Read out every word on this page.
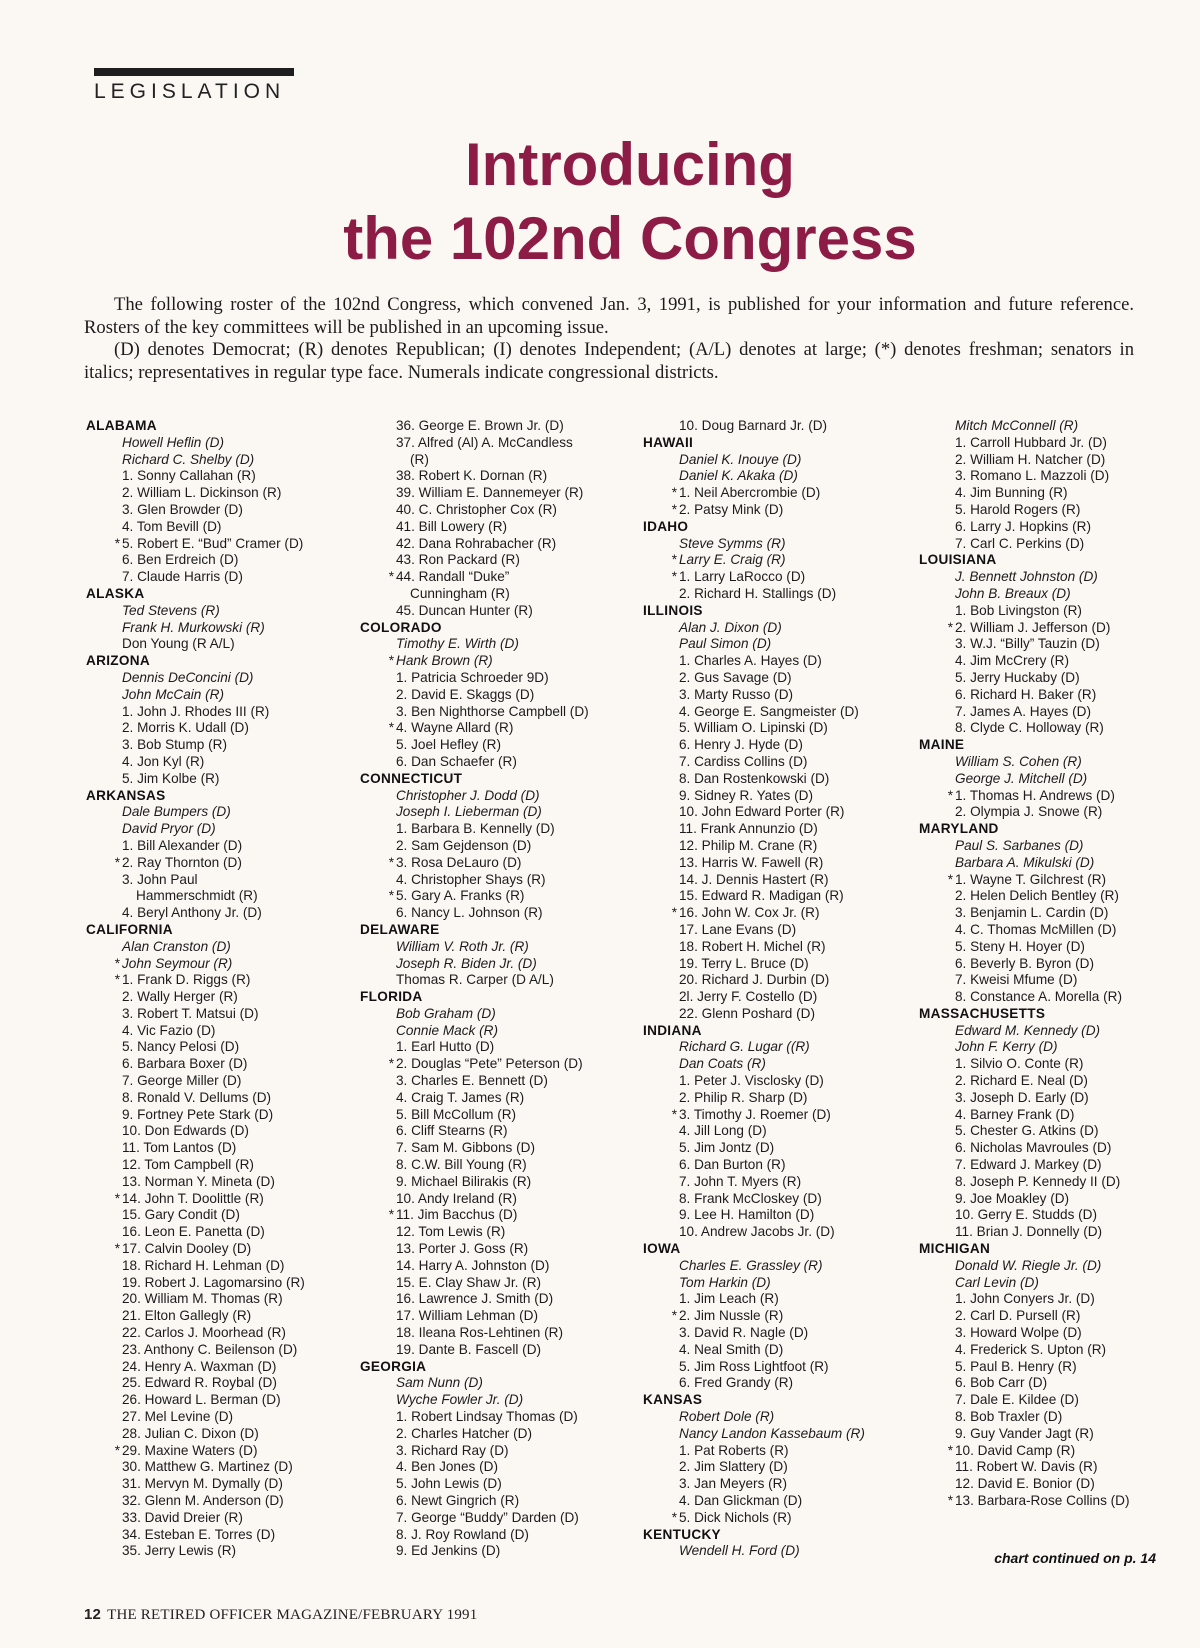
LEGISLATION
Introducing
the 102nd Congress

The following roster of the 102nd Congress, which convened Jan. 3, 1991, is published for your information and future reference. Rosters of the key committees will be published in an upcoming issue.

(D) denotes Democrat; (R) denotes Republican; (I) denotes Independent; (A/L) denotes at large; (*) denotes freshman; senators in italics; representatives in regular type face. Numerals indicate congressional districts.

ALABAMA
Howell Heflin (D)
Richard C. Shelby (D)
1. Sonny Callahan (R)
2. William L. Dickinson (R)
3. Glen Browder (D)
4. Tom Bevill (D)
* 5. Robert E. “Bud” Cramer (D)
6. Ben Erdreich (D)
7. Claude Harris (D)
ALASKA
Ted Stevens (R)
Frank H. Murkowski (R)
Don Young (R A/L)
ARIZONA
Dennis DeConcini (D)
John McCain (R)
1. John J. Rhodes III (R)
2. Morris K. Udall (D)
3. Bob Stump (R)
4. Jon Kyl (R)
5. Jim Kolbe (R)
ARKANSAS
Dale Bumpers (D)
David Pryor (D)
1. Bill Alexander (D)
* 2. Ray Thornton (D)
3. John Paul
Hammerschmidt (R)
4. Beryl Anthony Jr. (D)
CALIFORNIA
Alan Cranston (D)
* John Seymour (R)
* 1. Frank D. Riggs (R)
2. Wally Herger (R)
3. Robert T. Matsui (D)
4. Vic Fazio (D)
5. Nancy Pelosi (D)
6. Barbara Boxer (D)
7. George Miller (D)
8. Ronald V. Dellums (D)
9. Fortney Pete Stark (D)
10. Don Edwards (D)
11. Tom Lantos (D)
12. Tom Campbell (R)
13. Norman Y. Mineta (D)
* 14. John T. Doolittle (R)
15. Gary Condit (D)
16. Leon E. Panetta (D)
* 17. Calvin Dooley (D)
18. Richard H. Lehman (D)
19. Robert J. Lagomarsino (R)
20. William M. Thomas (R)
21. Elton Gallegly (R)
22. Carlos J. Moorhead (R)
23. Anthony C. Beilenson (D)
24. Henry A. Waxman (D)
25. Edward R. Roybal (D)
26. Howard L. Berman (D)
27. Mel Levine (D)
28. Julian C. Dixon (D)
* 29. Maxine Waters (D)
30. Matthew G. Martinez (D)
31. Mervyn M. Dymally (D)
32. Glenn M. Anderson (D)
33. David Dreier (R)
34. Esteban E. Torres (D)
35. Jerry Lewis (R)
36. George E. Brown Jr. (D)
37. Alfred (Al) A. McCandless
(R)
38. Robert K. Dornan (R)
39. William E. Dannemeyer (R)
40. C. Christopher Cox (R)
41. Bill Lowery (R)
42. Dana Rohrabacher (R)
43. Ron Packard (R)
* 44. Randall “Duke”
Cunningham (R)
45. Duncan Hunter (R)
COLORADO
Timothy E. Wirth (D)
* Hank Brown (R)
1. Patricia Schroeder 9D)
2. David E. Skaggs (D)
3. Ben Nighthorse Campbell (D)
* 4. Wayne Allard (R)
5. Joel Hefley (R)
6. Dan Schaefer (R)
CONNECTICUT
Christopher J. Dodd (D)
Joseph I. Lieberman (D)
1. Barbara B. Kennelly (D)
2. Sam Gejdenson (D)
* 3. Rosa DeLauro (D)
4. Christopher Shays (R)
* 5. Gary A. Franks (R)
6. Nancy L. Johnson (R)
DELAWARE
William V. Roth Jr. (R)
Joseph R. Biden Jr. (D)
Thomas R. Carper (D A/L)
FLORIDA
Bob Graham (D)
Connie Mack (R)
1. Earl Hutto (D)
* 2. Douglas “Pete” Peterson (D)
3. Charles E. Bennett (D)
4. Craig T. James (R)
5. Bill McCollum (R)
6. Cliff Stearns (R)
7. Sam M. Gibbons (D)
8. C.W. Bill Young (R)
9. Michael Bilirakis (R)
10. Andy Ireland (R)
* 11. Jim Bacchus (D)
12. Tom Lewis (R)
13. Porter J. Goss (R)
14. Harry A. Johnston (D)
15. E. Clay Shaw Jr. (R)
16. Lawrence J. Smith (D)
17. William Lehman (D)
18. Ileana Ros-Lehtinen (R)
19. Dante B. Fascell (D)
GEORGIA
Sam Nunn (D)
Wyche Fowler Jr. (D)
1. Robert Lindsay Thomas (D)
2. Charles Hatcher (D)
3. Richard Ray (D)
4. Ben Jones (D)
5. John Lewis (D)
6. Newt Gingrich (R)
7. George “Buddy” Darden (D)
8. J. Roy Rowland (D)
9. Ed Jenkins (D)
10. Doug Barnard Jr. (D)
HAWAII
Daniel K. Inouye (D)
Daniel K. Akaka (D)
* 1. Neil Abercrombie (D)
* 2. Patsy Mink (D)
IDAHO
Steve Symms (R)
* Larry E. Craig (R)
* 1. Larry LaRocco (D)
2. Richard H. Stallings (D)
ILLINOIS
Alan J. Dixon (D)
Paul Simon (D)
1. Charles A. Hayes (D)
2. Gus Savage (D)
3. Marty Russo (D)
4. George E. Sangmeister (D)
5. William O. Lipinski (D)
6. Henry J. Hyde (D)
7. Cardiss Collins (D)
8. Dan Rostenkowski (D)
9. Sidney R. Yates (D)
10. John Edward Porter (R)
11. Frank Annunzio (D)
12. Philip M. Crane (R)
13. Harris W. Fawell (R)
14. J. Dennis Hastert (R)
15. Edward R. Madigan (R)
* 16. John W. Cox Jr. (R)
17. Lane Evans (D)
18. Robert H. Michel (R)
19. Terry L. Bruce (D)
20. Richard J. Durbin (D)
2l. Jerry F. Costello (D)
22. Glenn Poshard (D)
INDIANA
Richard G. Lugar ((R)
Dan Coats (R)
1. Peter J. Visclosky (D)
2. Philip R. Sharp (D)
* 3. Timothy J. Roemer (D)
4. Jill Long (D)
5. Jim Jontz (D)
6. Dan Burton (R)
7. John T. Myers (R)
8. Frank McCloskey (D)
9. Lee H. Hamilton (D)
10. Andrew Jacobs Jr. (D)
IOWA
Charles E. Grassley (R)
Tom Harkin (D)
1. Jim Leach (R)
* 2. Jim Nussle (R)
3. David R. Nagle (D)
4. Neal Smith (D)
5. Jim Ross Lightfoot (R)
6. Fred Grandy (R)
KANSAS
Robert Dole (R)
Nancy Landon Kassebaum (R)
1. Pat Roberts (R)
2. Jim Slattery (D)
3. Jan Meyers (R)
4. Dan Glickman (D)
* 5. Dick Nichols (R)
KENTUCKY
Wendell H. Ford (D)
Mitch McConnell (R)
1. Carroll Hubbard Jr. (D)
2. William H. Natcher (D)
3. Romano L. Mazzoli (D)
4. Jim Bunning (R)
5. Harold Rogers (R)
6. Larry J. Hopkins (R)
7. Carl C. Perkins (D)
LOUISIANA
J. Bennett Johnston (D)
John B. Breaux (D)
1. Bob Livingston (R)
* 2. William J. Jefferson (D)
3. W.J. “Billy” Tauzin (D)
4. Jim McCrery (R)
5. Jerry Huckaby (D)
6. Richard H. Baker (R)
7. James A. Hayes (D)
8. Clyde C. Holloway (R)
MAINE
William S. Cohen (R)
George J. Mitchell (D)
* 1. Thomas H. Andrews (D)
2. Olympia J. Snowe (R)
MARYLAND
Paul S. Sarbanes (D)
Barbara A. Mikulski (D)
* 1. Wayne T. Gilchrest (R)
2. Helen Delich Bentley (R)
3. Benjamin L. Cardin (D)
4. C. Thomas McMillen (D)
5. Steny H. Hoyer (D)
6. Beverly B. Byron (D)
7. Kweisi Mfume (D)
8. Constance A. Morella (R)
MASSACHUSETTS
Edward M. Kennedy (D)
John F. Kerry (D)
1. Silvio O. Conte (R)
2. Richard E. Neal (D)
3. Joseph D. Early (D)
4. Barney Frank (D)
5. Chester G. Atkins (D)
6. Nicholas Mavroules (D)
7. Edward J. Markey (D)
8. Joseph P. Kennedy II (D)
9. Joe Moakley (D)
10. Gerry E. Studds (D)
11. Brian J. Donnelly (D)
MICHIGAN
Donald W. Riegle Jr. (D)
Carl Levin (D)
1. John Conyers Jr. (D)
2. Carl D. Pursell (R)
3. Howard Wolpe (D)
4. Frederick S. Upton (R)
5. Paul B. Henry (R)
6. Bob Carr (D)
7. Dale E. Kildee (D)
8. Bob Traxler (D)
9. Guy Vander Jagt (R)
* 10. David Camp (R)
11. Robert W. Davis (R)
12. David E. Bonior (D)
* 13. Barbara-Rose Collins (D)
chart continued on p. 14
12 THE RETIRED OFFICER MAGAZINE/FEBRUARY 1991
